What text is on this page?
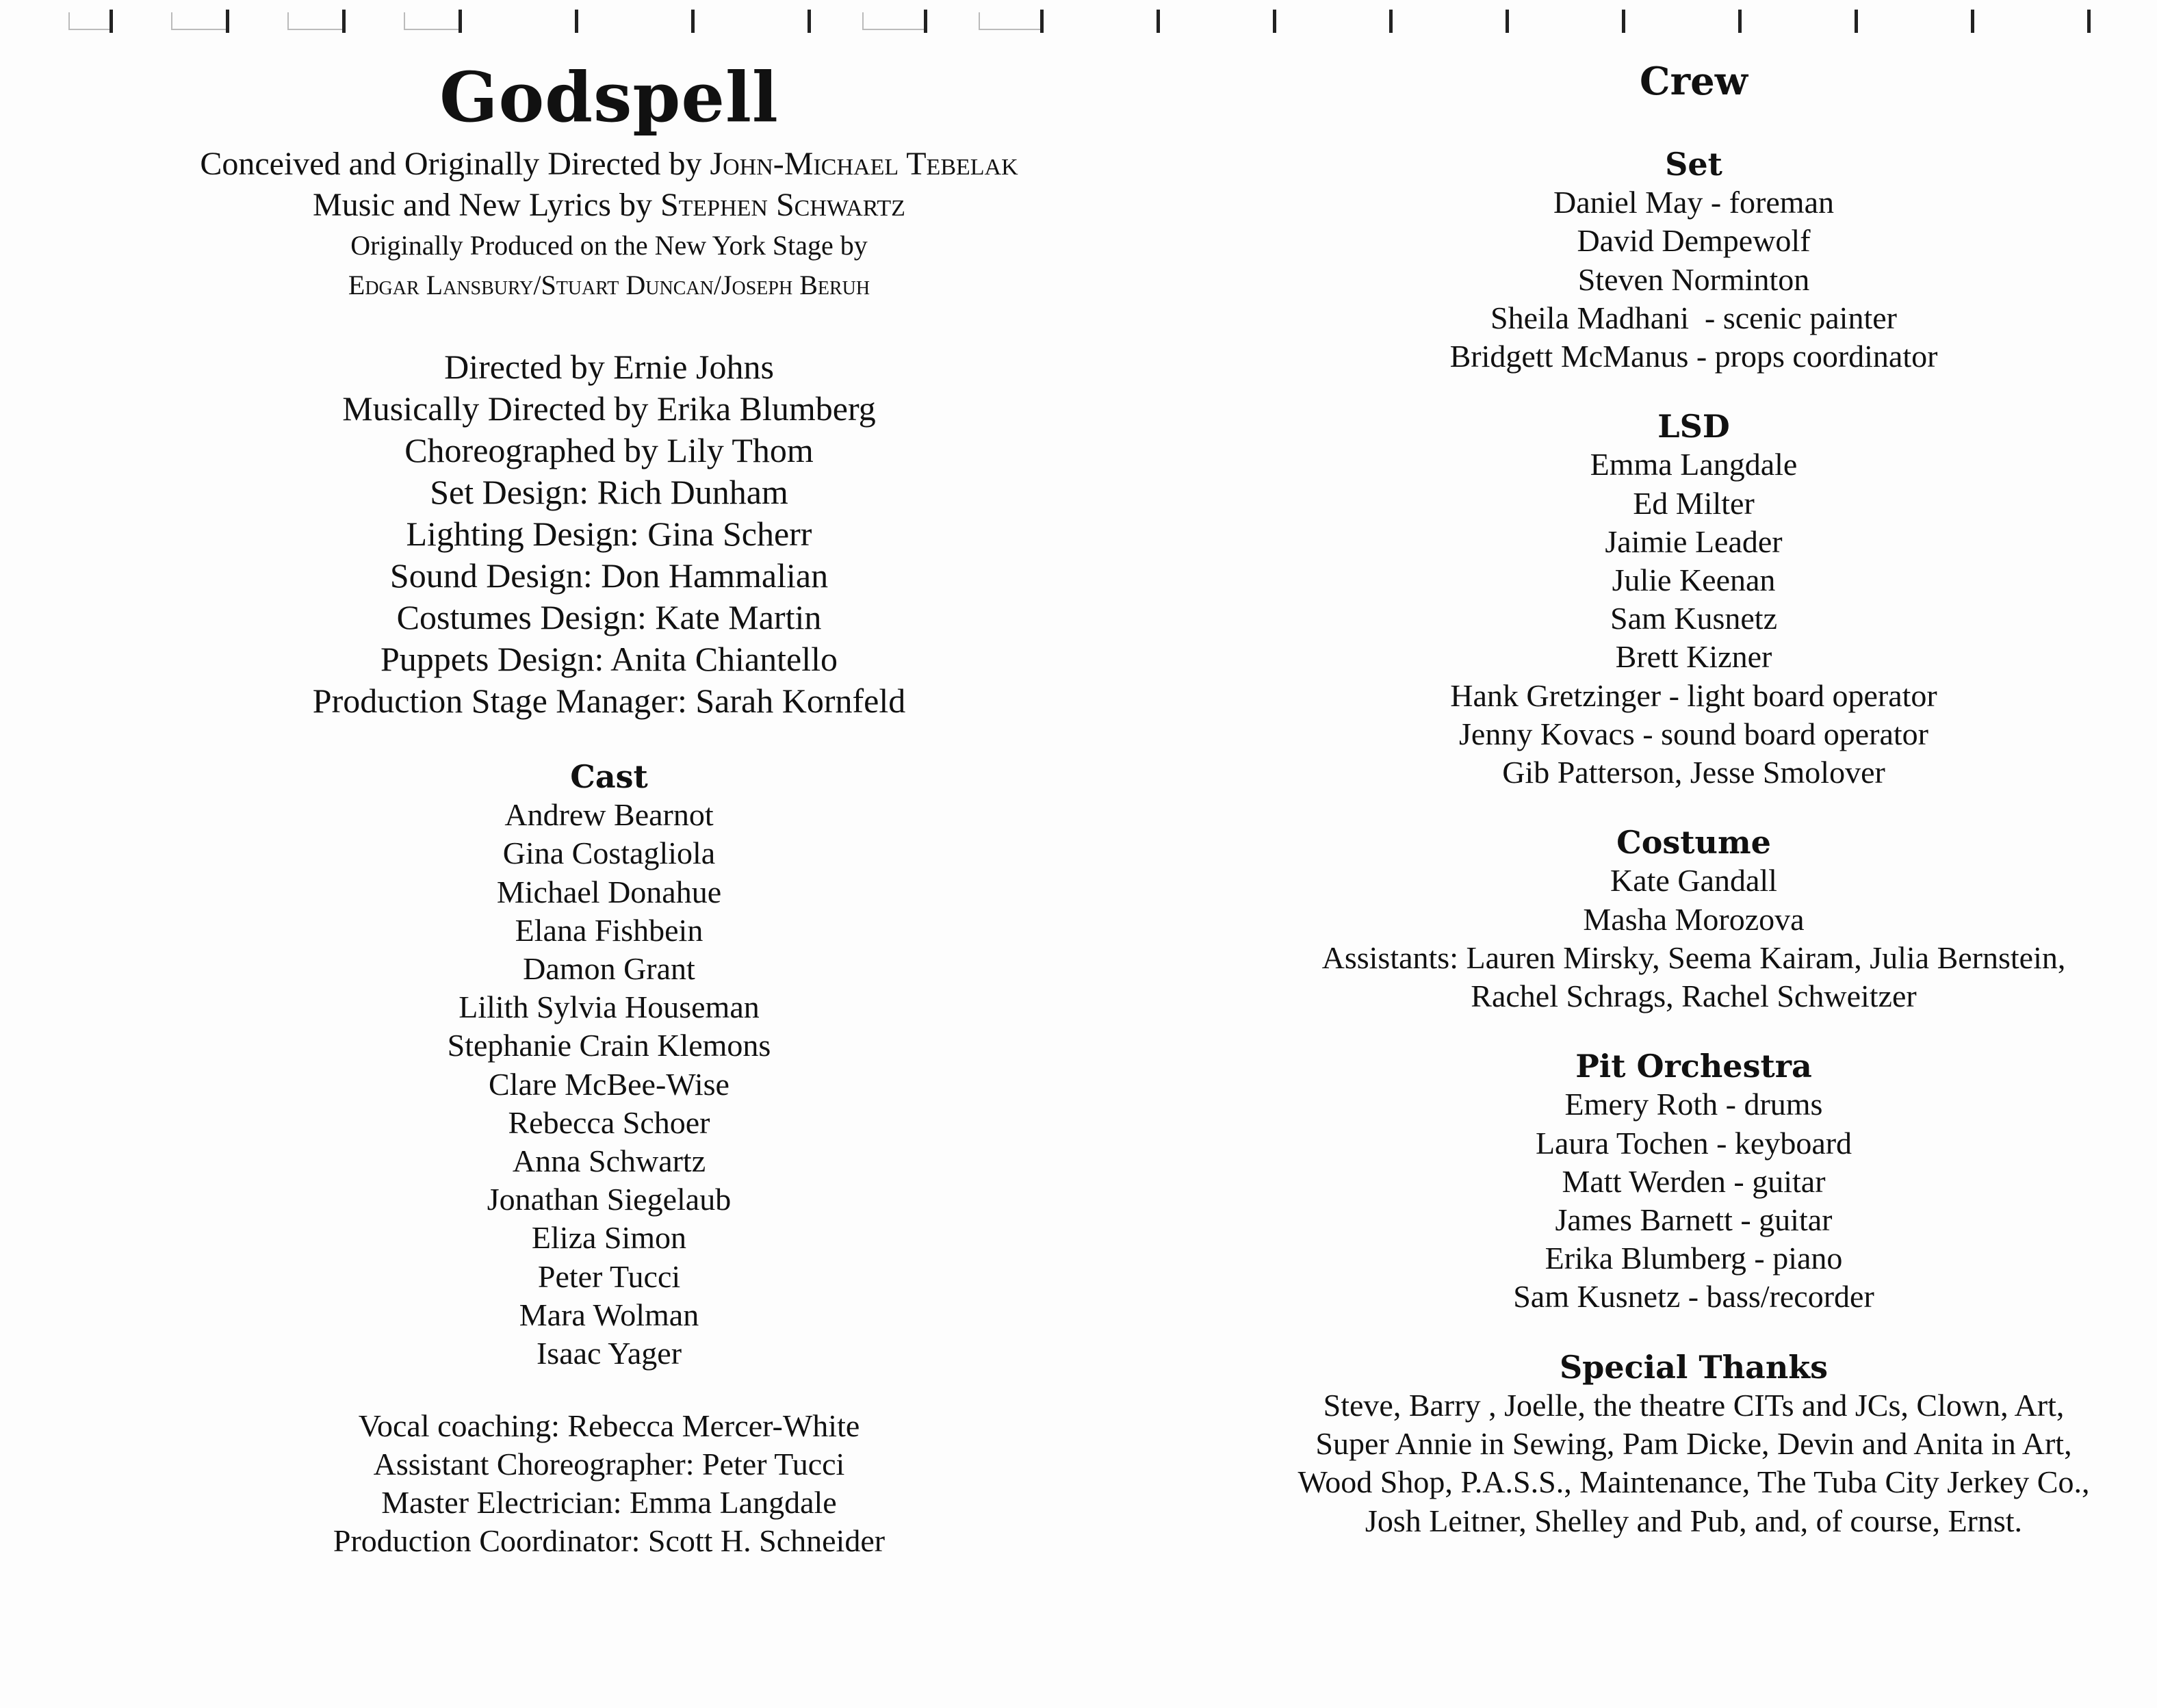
Godspell
Conceived and Originally Directed by John-Michael Tebelak
Music and New Lyrics by Stephen Schwartz
Originally Produced on the New York Stage by
Edgar Lansbury/Stuart Duncan/Joseph Beruh
Directed by Ernie Johns
Musically Directed by Erika Blumberg
Choreographed by Lily Thom
Set Design: Rich Dunham
Lighting Design: Gina Scherr
Sound Design: Don Hammalian
Costumes Design: Kate Martin
Puppets Design: Anita Chiantello
Production Stage Manager: Sarah Kornfeld
Cast
Andrew Bearnot
Gina Costagliola
Michael Donahue
Elana Fishbein
Damon Grant
Lilith Sylvia Houseman
Stephanie Crain Klemons
Clare McBee-Wise
Rebecca Schoer
Anna Schwartz
Jonathan Siegelaub
Eliza Simon
Peter Tucci
Mara Wolman
Isaac Yager
Vocal coaching: Rebecca Mercer-White
Assistant Choreographer: Peter Tucci
Master Electrician: Emma Langdale
Production Coordinator: Scott H. Schneider
Crew
Set
Daniel May - foreman
David Dempewolf
Steven Norminton
Sheila Madhani  - scenic painter
Bridgett McManus - props coordinator
LSD
Emma Langdale
Ed Milter
Jaimie Leader
Julie Keenan
Sam Kusnetz
Brett Kizner
Hank Gretzinger - light board operator
Jenny Kovacs - sound board operator
Gib Patterson, Jesse Smolover
Costume
Kate Gandall
Masha Morozova
Assistants: Lauren Mirsky, Seema Kairam, Julia Bernstein,
Rachel Schrags, Rachel Schweitzer
Pit Orchestra
Emery Roth - drums
Laura Tochen - keyboard
Matt Werden - guitar
James Barnett - guitar
Erika Blumberg - piano
Sam Kusnetz - bass/recorder
Special Thanks
Steve, Barry , Joelle, the theatre CITs and JCs, Clown, Art,
Super Annie in Sewing, Pam Dicke, Devin and Anita in Art,
Wood Shop, P.A.S.S., Maintenance, The Tuba City Jerkey Co.,
Josh Leitner, Shelley and Pub, and, of course, Ernst.
